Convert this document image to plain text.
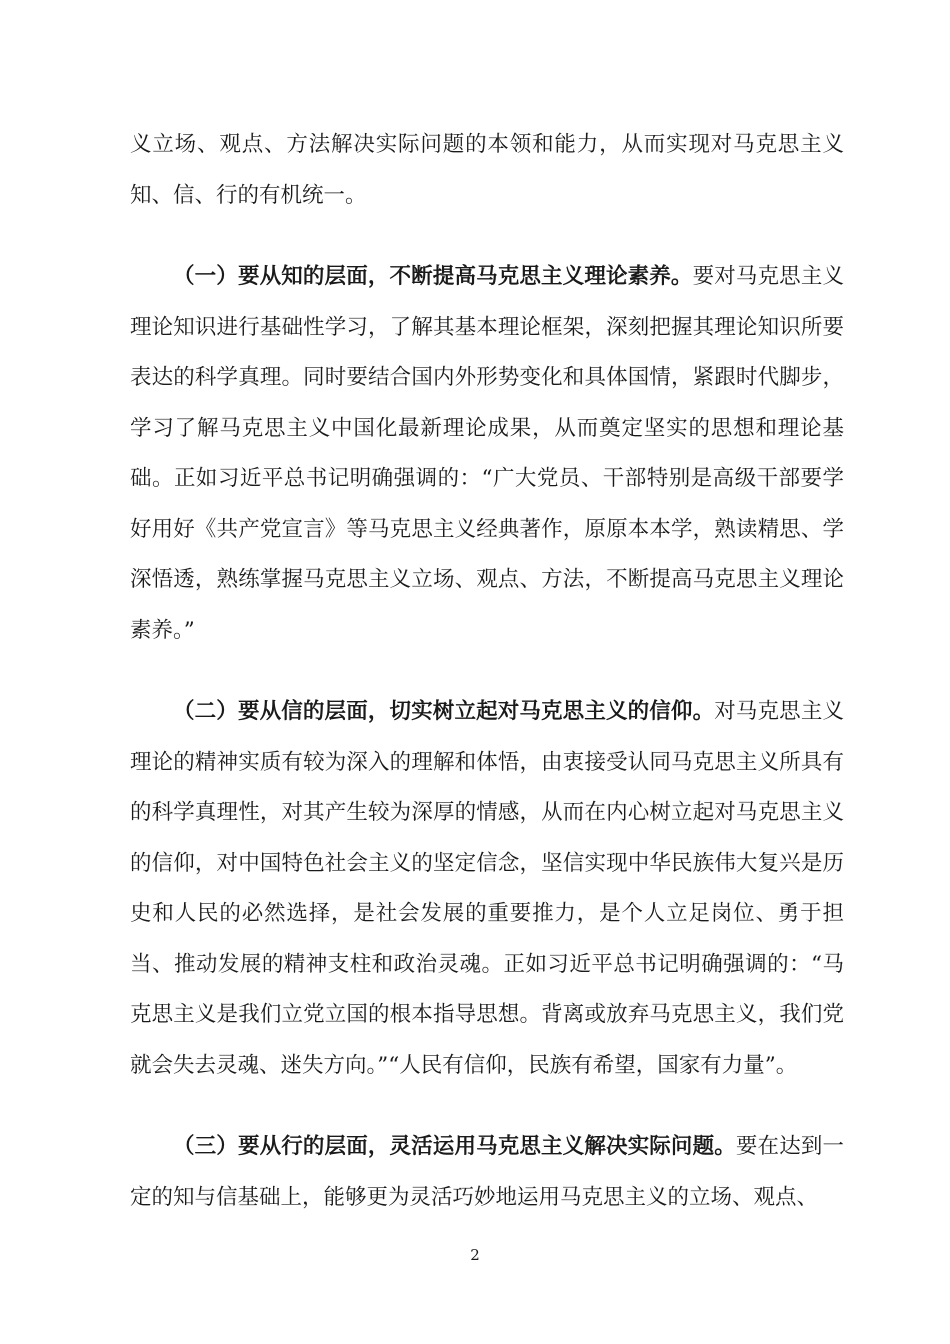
义立场、观点、方法解决实际问题的本领和能力，从而实现对马克思主义知、信、行的有机统一。

（一）要从知的层面，不断提高马克思主义理论素养。要对马克思主义理论知识进行基础性学习，了解其基本理论框架，深刻把握其理论知识所要表达的科学真理。同时要结合国内外形势变化和具体国情，紧跟时代脚步，学习了解马克思主义中国化最新理论成果，从而奠定坚实的思想和理论基础。正如习近平总书记明确强调的：“广大党员、干部特别是高级干部要学好用好《共产党宣言》等马克思主义经典著作，原原本本学，熟读精思、学深悟透，熟练掌握马克思主义立场、观点、方法，不断提高马克思主义理论素养。”

（二）要从信的层面，切实树立起对马克思主义的信仰。对马克思主义理论的精神实质有较为深入的理解和体悟，由衷接受认同马克思主义所具有的科学真理性，对其产生较为深厚的情感，从而在内心树立起对马克思主义的信仰，对中国特色社会主义的坚定信念，坚信实现中华民族伟大复兴是历史和人民的必然选择，是社会发展的重要推力，是个人立足岗位、勇于担当、推动发展的精神支柱和政治灵魂。正如习近平总书记明确强调的：“马克思主义是我们立党立国的根本指导思想。背离或放弃马克思主义，我们党就会失去灵魂、迷失方向。”“人民有信仰，民族有希望，国家有力量”。

（三）要从行的层面，灵活运用马克思主义解决实际问题。要在达到一定的知与信基础上，能够更为灵活巧妙地运用马克思主义的立场、观点、

2
